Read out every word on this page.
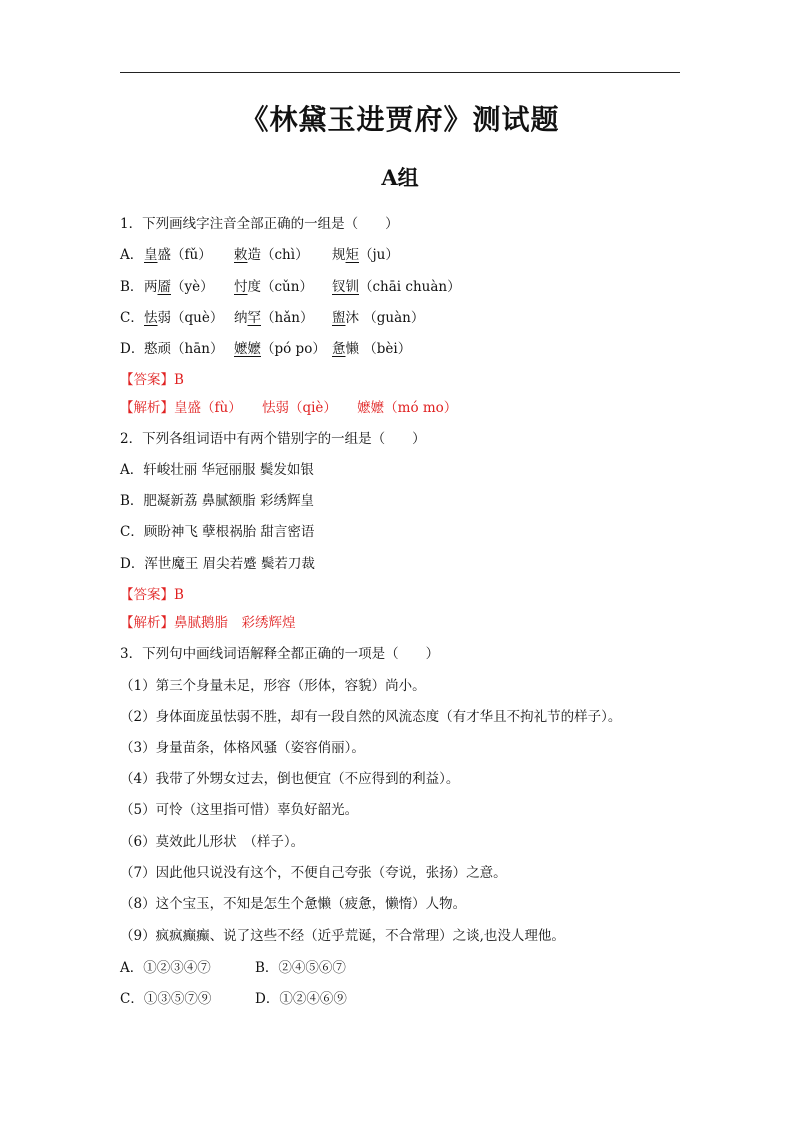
《林黛玉进贾府》测试题
A组
1．下列画线字注音全部正确的一组是（　　）
A． 皇盛（fǔ） 敕造（chì） 规矩（ju）
B． 两靥（yè） 忖度（cǔn） 钗钏（chāi chuàn）
C． 怯弱（què） 纳罕（hǎn） 盥沐 （guàn）
D． 憨顽（hān） 嬷嬷（pó po） 惫懒 （bèi）
【答案】B
【解析】皇盛（fù）　　怯弱（qiè）　　嬷嬷（mó mo）
2．下列各组词语中有两个错别字的一组是（　　）
A．轩峻壮丽 华冠丽服 鬓发如银
B．肥凝新荔 鼻腻额脂 彩绣辉皇
C．顾盼神飞 孽根祸胎 甜言密语
D．浑世魔王 眉尖若蹙 鬓若刀裁
【答案】B
【解析】鼻腻鹅脂　彩绣辉煌
3．下列句中画线词语解释全都正确的一项是（　　）
（1）第三个身量未足，形容（形体，容貌）尚小。
（2）身体面庞虽怯弱不胜，却有一段自然的风流态度（有才华且不拘礼节的样子）。
（3）身量苗条，体格风骚（姿容俏丽）。
（4）我带了外甥女过去，倒也便宜（不应得到的利益）。
（5）可怜（这里指可惜）辜负好韶光。
（6）莫效此儿形状　（样子）。
（7）因此他只说没有这个，不便自己夸张（夸说，张扬）之意。
（8）这个宝玉，不知是怎生个惫懒（疲惫，懒惰）人物。
（9）疯疯癫癫、说了这些不经（近乎荒诞，不合常理）之谈,也没人理他。
A．①②③④⑦	B．②④⑤⑥⑦
C．①③⑤⑦⑨	D．①②④⑥⑨
